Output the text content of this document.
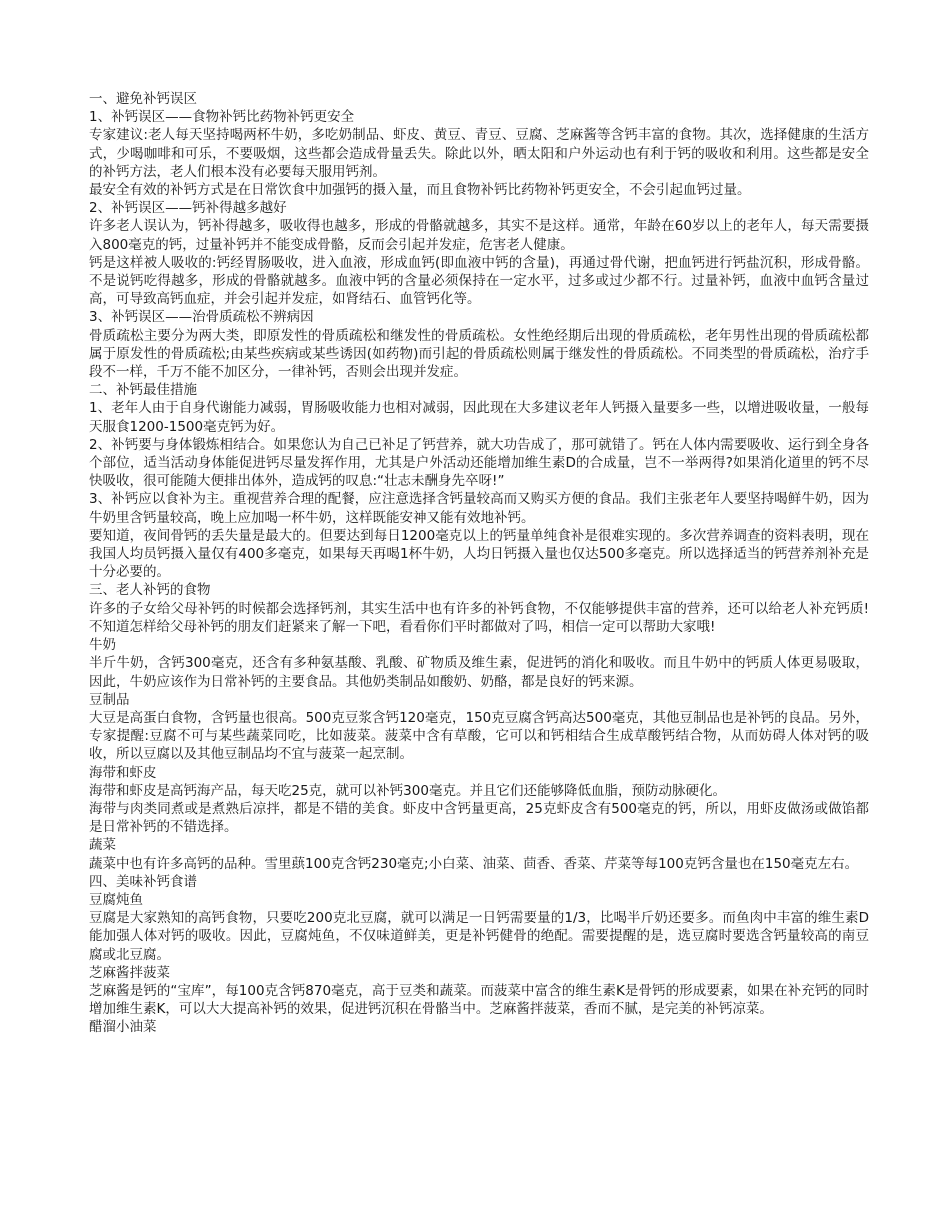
一、避免补钙误区

1、补钙误区——食物补钙比药物补钙更安全

专家建议:老人每天坚持喝两杯牛奶，多吃奶制品、虾皮、黄豆、青豆、豆腐、芝麻酱等含钙丰富的食物。其次，选择健康的生活方式，少喝咖啡和可乐，不要吸烟，这些都会造成骨量丢失。除此以外，晒太阳和户外运动也有利于钙的吸收和利用。这些都是安全的补钙方法，老人们根本没有必要每天服用钙剂。

最安全有效的补钙方式是在日常饮食中加强钙的摄入量，而且食物补钙比药物补钙更安全，不会引起血钙过量。

2、补钙误区——钙补得越多越好

许多老人误认为，钙补得越多，吸收得也越多，形成的骨骼就越多，其实不是这样。通常，年龄在60岁以上的老年人，每天需要摄入800毫克的钙，过量补钙并不能变成骨骼，反而会引起并发症，危害老人健康。

钙是这样被人吸收的:钙经胃肠吸收，进入血液，形成血钙(即血液中钙的含量)，再通过骨代谢，把血钙进行钙盐沉积，形成骨骼。不是说钙吃得越多，形成的骨骼就越多。血液中钙的含量必须保持在一定水平，过多或过少都不行。过量补钙，血液中血钙含量过高，可导致高钙血症，并会引起并发症，如肾结石、血管钙化等。

3、补钙误区——治骨质疏松不辨病因

骨质疏松主要分为两大类，即原发性的骨质疏松和继发性的骨质疏松。女性绝经期后出现的骨质疏松，老年男性出现的骨质疏松都属于原发性的骨质疏松;由某些疾病或某些诱因(如药物)而引起的骨质疏松则属于继发性的骨质疏松。不同类型的骨质疏松，治疗手段不一样，千万不能不加区分，一律补钙，否则会出现并发症。

二、补钙最佳措施

1、老年人由于自身代谢能力减弱，胃肠吸收能力也相对减弱，因此现在大多建议老年人钙摄入量要多一些，以增进吸收量，一般每天服食1200-1500毫克钙为好。

2、补钙要与身体锻炼相结合。如果您认为自己已补足了钙营养，就大功告成了，那可就错了。钙在人体内需要吸收、运行到全身各个部位，适当活动身体能促进钙尽量发挥作用，尤其是户外活动还能增加维生素D的合成量，岂不一举两得?如果消化道里的钙不尽快吸收，很可能随大便排出体外，造成钙的叹息:“壮志未酬身先卒呀!”

3、补钙应以食补为主。重视营养合理的配餐，应注意选择含钙量较高而又购买方便的食品。我们主张老年人要坚持喝鲜牛奶，因为牛奶里含钙量较高，晚上应加喝一杯牛奶，这样既能安神又能有效地补钙。

要知道，夜间骨钙的丢失量是最大的。但要达到每日1200毫克以上的钙量单纯食补是很难实现的。多次营养调查的资料表明，现在我国人均员钙摄入量仅有400多毫克，如果每天再喝1杯牛奶，人均日钙摄入量也仅达500多毫克。所以选择适当的钙营养剂补充是十分必要的。

三、老人补钙的食物

许多的子女给父母补钙的时候都会选择钙剂，其实生活中也有许多的补钙食物，不仅能够提供丰富的营养，还可以给老人补充钙质!不知道怎样给父母补钙的朋友们赶紧来了解一下吧，看看你们平时都做对了吗，相信一定可以帮助大家哦!

牛奶

半斤牛奶，含钙300毫克，还含有多种氨基酸、乳酸、矿物质及维生素，促进钙的消化和吸收。而且牛奶中的钙质人体更易吸取，因此，牛奶应该作为日常补钙的主要食品。其他奶类制品如酸奶、奶酪，都是良好的钙来源。

豆制品

大豆是高蛋白食物，含钙量也很高。500克豆浆含钙120毫克，150克豆腐含钙高达500毫克，其他豆制品也是补钙的良品。另外，专家提醒:豆腐不可与某些蔬菜同吃，比如菠菜。菠菜中含有草酸，它可以和钙相结合生成草酸钙结合物，从而妨碍人体对钙的吸收，所以豆腐以及其他豆制品均不宜与菠菜一起烹制。

海带和虾皮

海带和虾皮是高钙海产品，每天吃25克，就可以补钙300毫克。并且它们还能够降低血脂，预防动脉硬化。

海带与肉类同煮或是煮熟后凉拌，都是不错的美食。虾皮中含钙量更高，25克虾皮含有500毫克的钙，所以，用虾皮做汤或做馅都是日常补钙的不错选择。

蔬菜

蔬菜中也有许多高钙的品种。雪里蕻100克含钙230毫克;小白菜、油菜、茴香、香菜、芹菜等每100克钙含量也在150毫克左右。

四、美味补钙食谱

豆腐炖鱼

豆腐是大家熟知的高钙食物，只要吃200克北豆腐，就可以满足一日钙需要量的1/3，比喝半斤奶还要多。而鱼肉中丰富的维生素D能加强人体对钙的吸收。因此，豆腐炖鱼，不仅味道鲜美，更是补钙健骨的绝配。需要提醒的是，选豆腐时要选含钙量较高的南豆腐或北豆腐。

芝麻酱拌菠菜

芝麻酱是钙的“宝库”，每100克含钙870毫克，高于豆类和蔬菜。而菠菜中富含的维生素K是骨钙的形成要素，如果在补充钙的同时增加维生素K，可以大大提高补钙的效果，促进钙沉积在骨骼当中。芝麻酱拌菠菜，香而不腻，是完美的补钙凉菜。

醋溜小油菜
